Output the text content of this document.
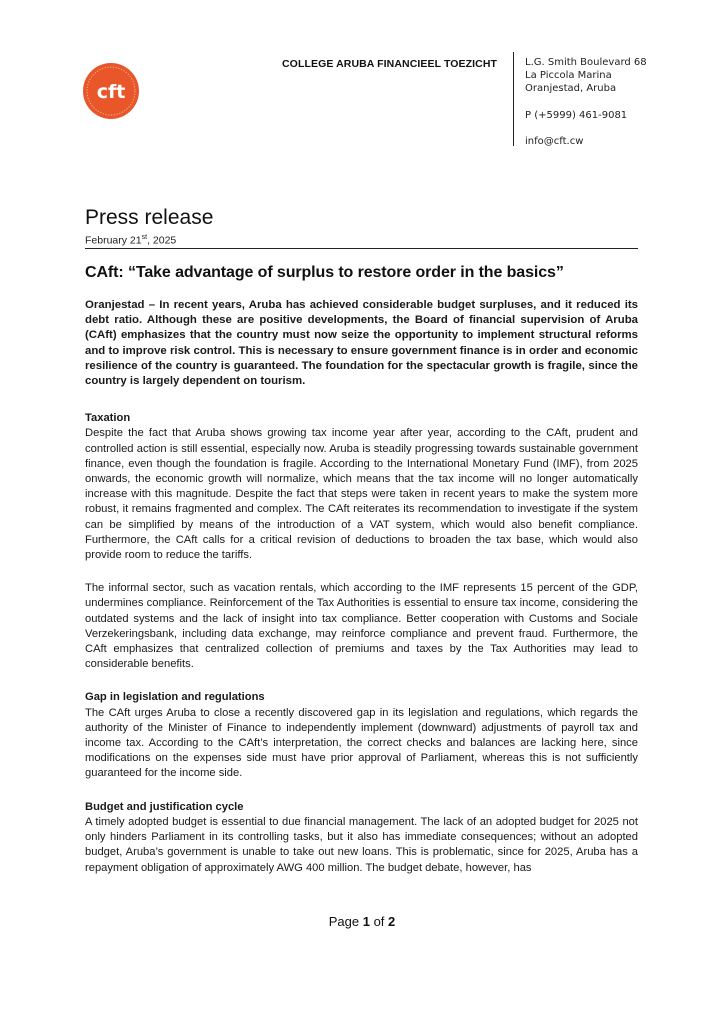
cft
COLLEGE ARUBA FINANCIEEL TOEZICHT	L.G. Smith Boulevard 68
La Piccola Marina
Oranjestad, Aruba
P (+5999) 461-9081
info@cft.cw
Press release
February 21st, 2025
CAft: “Take advantage of surplus to restore order in the basics”

Oranjestad – In recent years, Aruba has achieved considerable budget surpluses, and it reduced its debt ratio. Although these are positive developments, the Board of financial supervision of Aruba (CAft) emphasizes that the country must now seize the opportunity to implement structural reforms and to improve risk control. This is necessary to ensure government finance is in order and economic resilience of the country is guaranteed. The foundation for the spectacular growth is fragile, since the country is largely dependent on tourism.

Taxation

Despite the fact that Aruba shows growing tax income year after year, according to the CAft, prudent and controlled action is still essential, especially now. Aruba is steadily progressing towards sustainable government finance, even though the foundation is fragile. According to the International Monetary Fund (IMF), from 2025 onwards, the economic growth will normalize, which means that the tax income will no longer automatically increase with this magnitude. Despite the fact that steps were taken in recent years to make the system more robust, it remains fragmented and complex. The CAft reiterates its recommendation to investigate if the system can be simplified by means of the introduction of a VAT system, which would also benefit compliance. Furthermore, the CAft calls for a critical revision of deductions to broaden the tax base, which would also provide room to reduce the tariffs.

The informal sector, such as vacation rentals, which according to the IMF represents 15 percent of the GDP, undermines compliance. Reinforcement of the Tax Authorities is essential to ensure tax income, considering the outdated systems and the lack of insight into tax compliance. Better cooperation with Customs and Sociale Verzekeringsbank, including data exchange, may reinforce compliance and prevent fraud. Furthermore, the CAft emphasizes that centralized collection of premiums and taxes by the Tax Authorities may lead to considerable benefits.

Gap in legislation and regulations

The CAft urges Aruba to close a recently discovered gap in its legislation and regulations, which regards the authority of the Minister of Finance to independently implement (downward) adjustments of payroll tax and income tax. According to the CAft’s interpretation, the correct checks and balances are lacking here, since modifications on the expenses side must have prior approval of Parliament, whereas this is not sufficiently guaranteed for the income side.

Budget and justification cycle

A timely adopted budget is essential to due financial management. The lack of an adopted budget for 2025 not only hinders Parliament in its controlling tasks, but it also has immediate consequences; without an adopted budget, Aruba’s government is unable to take out new loans. This is problematic, since for 2025, Aruba has a repayment obligation of approximately AWG 400 million. The budget debate, however, has

Page 1 of 2
